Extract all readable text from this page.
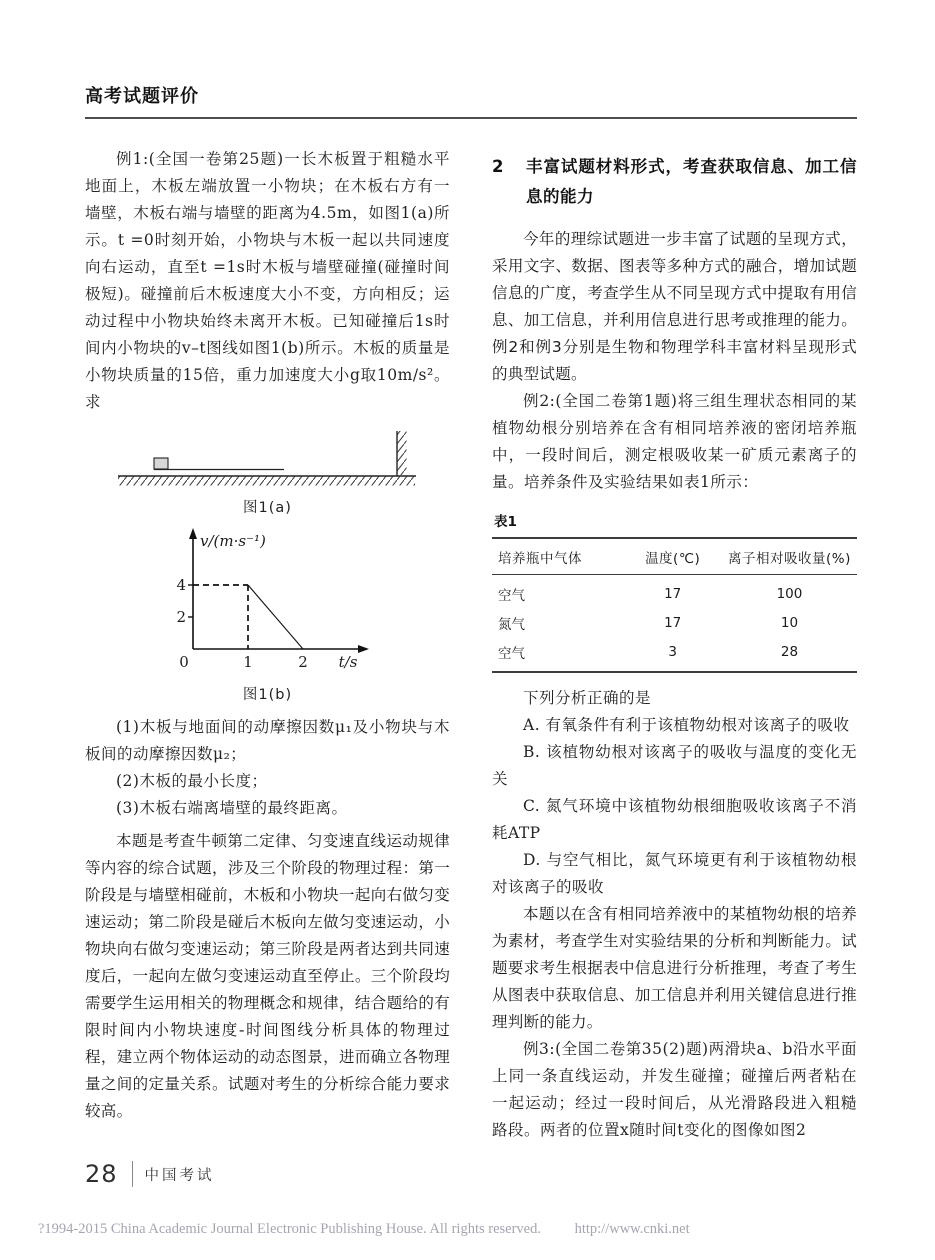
高考试题评价

例1:(全国一卷第25题)一长木板置于粗糙水平地面上，木板左端放置一小物块；在木板右方有一墙壁，木板右端与墙壁的距离为4.5m，如图1(a)所示。t =0时刻开始，小物块与木板一起以共同速度向右运动，直至t =1s时木板与墙壁碰撞(碰撞时间极短)。碰撞前后木板速度大小不变，方向相反；运动过程中小物块始终未离开木板。已知碰撞后1s时间内小物块的v–t图线如图1(b)所示。木板的质量是小物块质量的15倍，重力加速度大小g取10m/s²。求

图1(a)
v/(m·s⁻¹)
4
2
0	1	2 t/s
图1(b)

(1)木板与地面间的动摩擦因数μ₁及小物块与木板间的动摩擦因数μ₂；

(2)木板的最小长度；

(3)木板右端离墙壁的最终距离。

本题是考查牛顿第二定律、匀变速直线运动规律等内容的综合试题，涉及三个阶段的物理过程：第一阶段是与墙壁相碰前，木板和小物块一起向右做匀变速运动；第二阶段是碰后木板向左做匀变速运动，小物块向右做匀变速运动；第三阶段是两者达到共同速度后，一起向左做匀变速运动直至停止。三个阶段均需要学生运用相关的物理概念和规律，结合题给的有限时间内小物块速度-时间图线分析具体的物理过程，建立两个物体运动的动态图景，进而确立各物理量之间的定量关系。试题对考生的分析综合能力要求较高。

2	丰富试题材料形式，考查获取信息、加工信息的能力

今年的理综试题进一步丰富了试题的呈现方式，采用文字、数据、图表等多种方式的融合，增加试题信息的广度，考查学生从不同呈现方式中提取有用信息、加工信息，并利用信息进行思考或推理的能力。例2和例3分别是生物和物理学科丰富材料呈现形式的典型试题。

例2:(全国二卷第1题)将三组生理状态相同的某植物幼根分别培养在含有相同培养液的密闭培养瓶中，一段时间后，测定根吸收某一矿质元素离子的量。培养条件及实验结果如表1所示：

表1
培养瓶中气体	温度(℃)	离子相对吸收量(%)
空气	17	100
氮气	17	10
空气	3	28

下列分析正确的是

A. 有氧条件有利于该植物幼根对该离子的吸收

B. 该植物幼根对该离子的吸收与温度的变化无关

C. 氮气环境中该植物幼根细胞吸收该离子不消耗ATP

D. 与空气相比，氮气环境更有利于该植物幼根对该离子的吸收

本题以在含有相同培养液中的某植物幼根的培养为素材，考查学生对实验结果的分析和判断能力。试题要求考生根据表中信息进行分析推理，考查了考生从图表中获取信息、加工信息并利用关键信息进行推理判断的能力。

例3:(全国二卷第35(2)题)两滑块a、b沿水平面上同一条直线运动，并发生碰撞；碰撞后两者粘在一起运动；经过一段时间后，从光滑路段进入粗糙路段。两者的位置x随时间t变化的图像如图2

28 中国考试
?1994-2015 China Academic Journal Electronic Publishing House. All rights reserved. http://www.cnki.net
